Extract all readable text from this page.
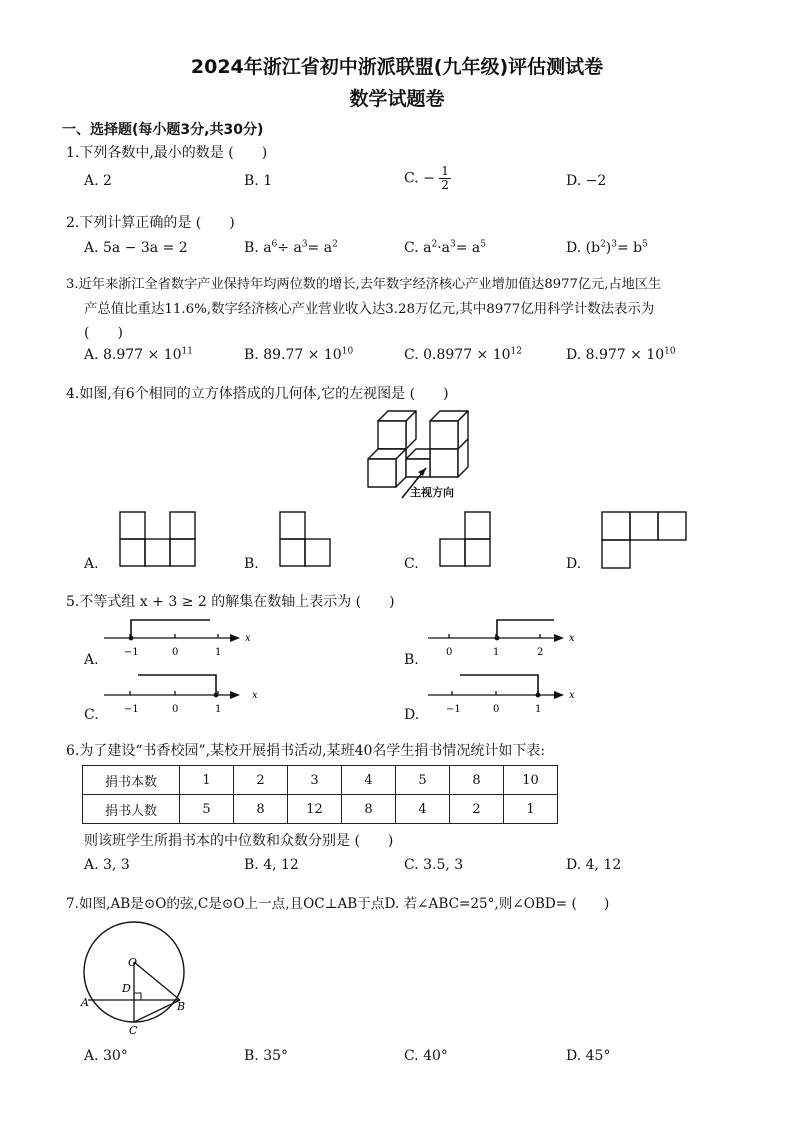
2024年浙江省初中浙派联盟(九年级)评估测试卷
数学试题卷
一、选择题(每小题3分,共30分)
1.下列各数中,最小的数是 (　　)
A. 2	B. 1	C. − $\frac{1}{2}$	D. −2
2.下列计算正确的是 (　　)
A. 5a − 3a = 2	B. $a^6\div a^3= a^2$	C. $a^2\cdot a^3= a^5$	D. $(b^2)^3= b^5$
3.近年来浙江全省数字产业保持年均两位数的增长,去年数字经济核心产业增加值达8977亿元,占地区生
产总值比重达11.6%,数字经济核心产业营业收入达3.28万亿元,其中8977亿用科学计数法表示为
(　　)
A. $8.977 \times 10^{11}$	B. $89.77 \times 10^{10}$	C. $0.8977 \times 10^{12}$	D. $8.977 \times 10^{10}$
4.如图,有6个相同的立方体搭成的几何体,它的左视图是 (　　)
主视方向
A.	B.	C.	D.
5.不等式组 x + 3 ≥ 2 的解集在数轴上表示为 (　　)
A.	−1	0	1
x
B.	0	1	2
x
C.	−1	0	1
x
D.	−1	0	1
x
6.为了建设“书香校园”,某校开展捐书活动,某班40名学生捐书情况统计如下表:
捐书本数	1	2	3	4	5	8	10
捐书人数	5	8	12	8	4	2	1
则该班学生所捐书本的中位数和众数分别是 (　　)
A. 3, 3	B. 4, 12	C. 3.5, 3	D. 4, 12
7.如图,AB是⊙O的弦,C是⊙O上一点,且OC⊥AB于点D. 若∠ABC=25°,则∠OBD= (　　)
O
D
A	B
C
A. 30°	B. 35°	C. 40°	D. 45°
